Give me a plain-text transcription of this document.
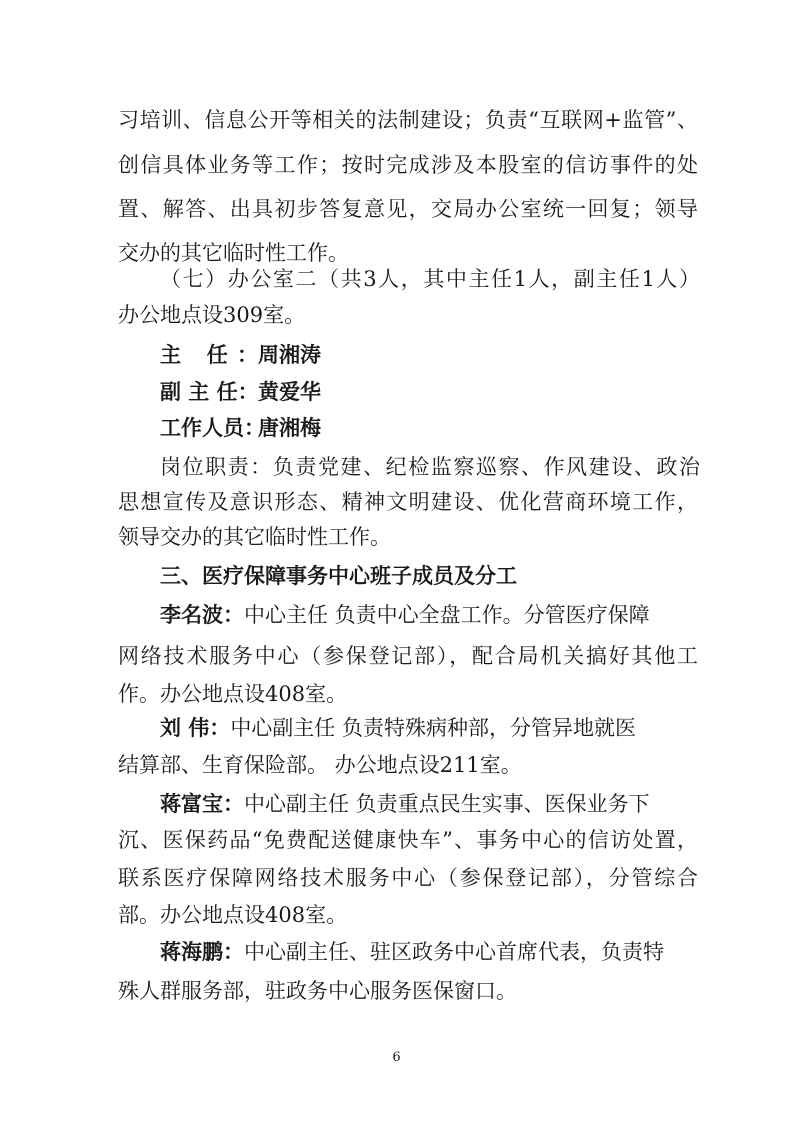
习培训、信息公开等相关的法制建设；负责“互联网+监管”、
创信具体业务等工作；按时完成涉及本股室的信访事件的处
置、解答、出具初步答复意见，交局办公室统一回复；领导
交办的其它临时性工作。
（七）办公室二（共3人，其中主任1人，副主任1人）
办公地点设309室。
主 任：周湘涛
副 主 任：黄爱华
工作人员：唐湘梅
岗位职责：负责党建、纪检监察巡察、作风建设、政治
思想宣传及意识形态、精神文明建设、优化营商环境工作，
领导交办的其它临时性工作。
三、医疗保障事务中心班子成员及分工
李名波：中心主任 负责中心全盘工作。分管医疗保障
网络技术服务中心（参保登记部），配合局机关搞好其他工
作。办公地点设408室。
刘 伟：中心副主任 负责特殊病种部，分管异地就医
结算部、生育保险部。 办公地点设211室。
蒋富宝：中心副主任 负责重点民生实事、医保业务下
沉、医保药品“免费配送健康快车”、事务中心的信访处置，
联系医疗保障网络技术服务中心（参保登记部），分管综合
部。办公地点设408室。
蒋海鹏：中心副主任、驻区政务中心首席代表，负责特
殊人群服务部，驻政务中心服务医保窗口。
6
